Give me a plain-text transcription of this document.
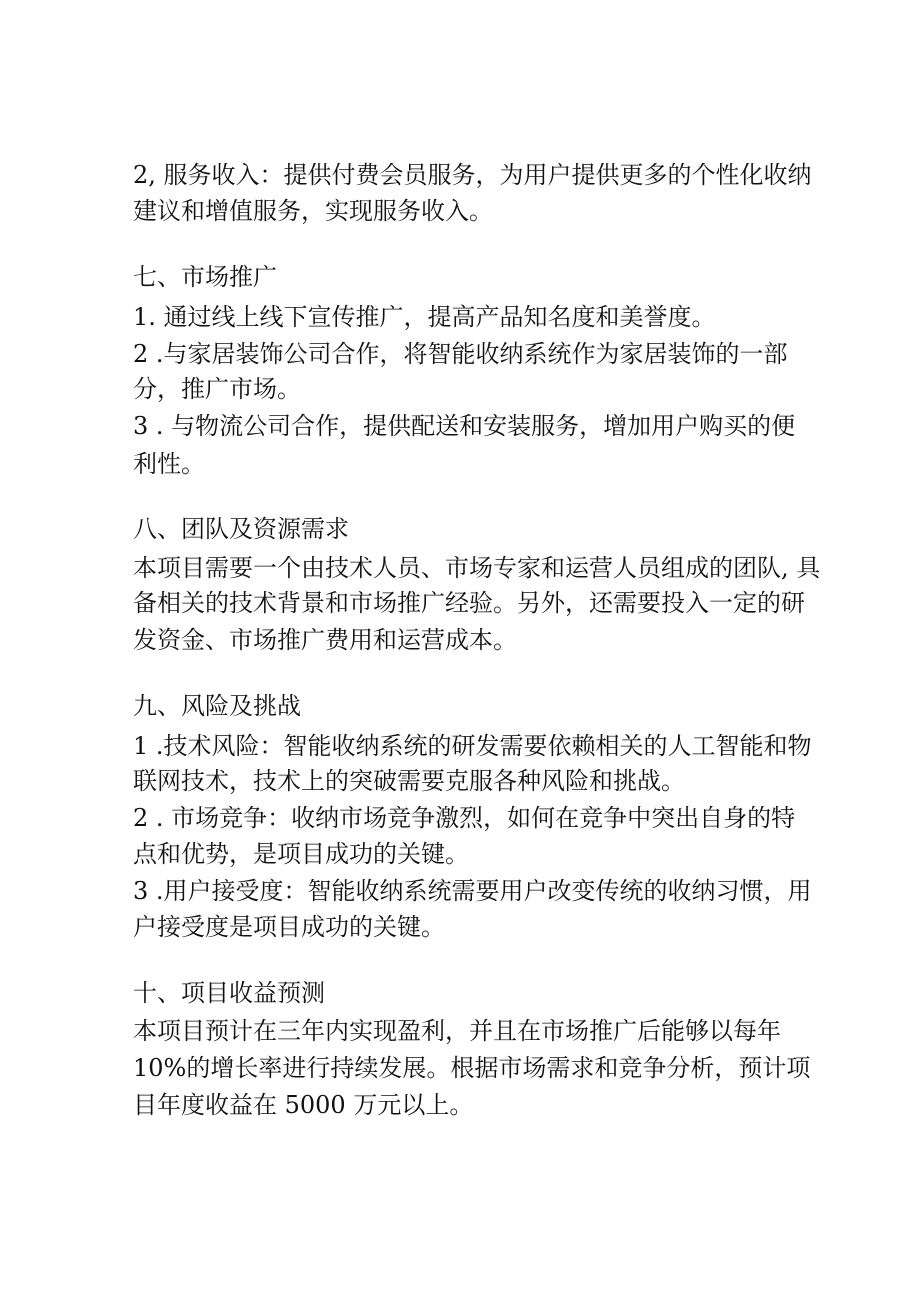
2, 服务收入：提供付费会员服务，为用户提供更多的个性化收纳

建议和增值服务，实现服务收入。

七、市场推广

1. 通过线上线下宣传推广，提高产品知名度和美誉度。

2 .与家居装饰公司合作，将智能收纳系统作为家居装饰的一部

分，推广市场。

3 . 与物流公司合作，提供配送和安装服务，增加用户购买的便

利性。

八、团队及资源需求

本项目需要一个由技术人员、市场专家和运营人员组成的团队, 具

备相关的技术背景和市场推广经验。另外，还需要投入一定的研

发资金、市场推广费用和运营成本。

九、风险及挑战

1 .技术风险：智能收纳系统的研发需要依赖相关的人工智能和物

联网技术，技术上的突破需要克服各种风险和挑战。

2 . 市场竞争：收纳市场竞争激烈，如何在竞争中突出自身的特

点和优势，是项目成功的关键。

3 .用户接受度：智能收纳系统需要用户改变传统的收纳习惯，用

户接受度是项目成功的关键。

十、项目收益预测

本项目预计在三年内实现盈利，并且在市场推广后能够以每年

10%的增长率进行持续发展。根据市场需求和竞争分析，预计项

目年度收益在 5000 万元以上。
